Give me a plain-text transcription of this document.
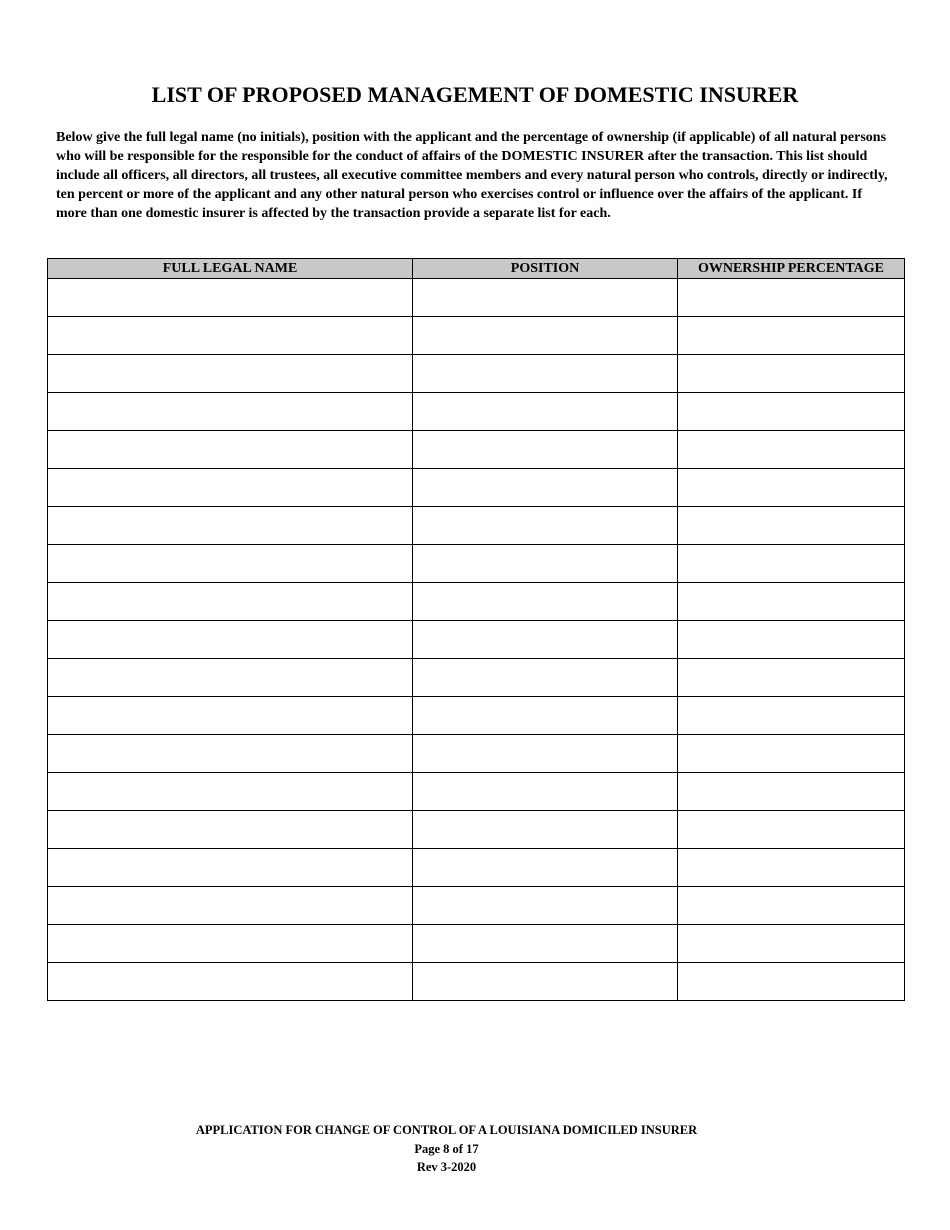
LIST OF PROPOSED MANAGEMENT OF DOMESTIC INSURER

Below give the full legal name (no initials), position with the applicant and the percentage of ownership (if applicable) of all natural persons who will be responsible for the responsible for the conduct of affairs of the DOMESTIC INSURER after the transaction. This list should include all officers, all directors, all trustees, all executive committee members and every natural person who controls, directly or indirectly, ten percent or more of the applicant and any other natural person who exercises control or influence over the affairs of the applicant. If more than one domestic insurer is affected by the transaction provide a separate list for each.

FULL LEGAL NAME	POSITION	OWNERSHIP PERCENTAGE

APPLICATION FOR CHANGE OF CONTROL OF A LOUISIANA DOMICILED INSURER
Page 8 of 17
Rev 3-2020
